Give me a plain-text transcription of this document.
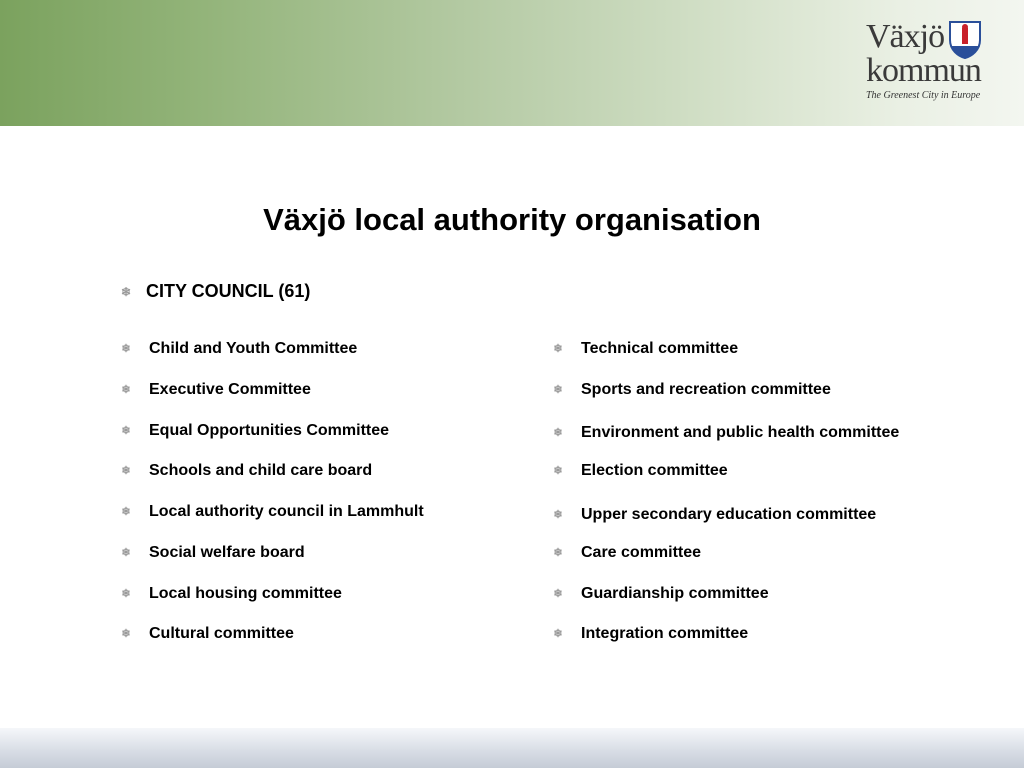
Växjö
kommun
The Greenest City in Europe
Växjö local authority organisation
❄ CITY COUNCIL (61)
❄ Child and Youth Committee
❄ Executive Committee
❄ Equal Opportunities Committee
❄ Schools and child care board
❄ Local authority council in Lammhult
❄ Social welfare board
❄ Local housing committee
❄ Cultural committee
❄ Technical committee
❄ Sports and recreation committee
❄ Environment and public health committee
❄ Election committee
❄ Upper secondary education committee
❄ Care committee
❄ Guardianship committee
❄ Integration committee
